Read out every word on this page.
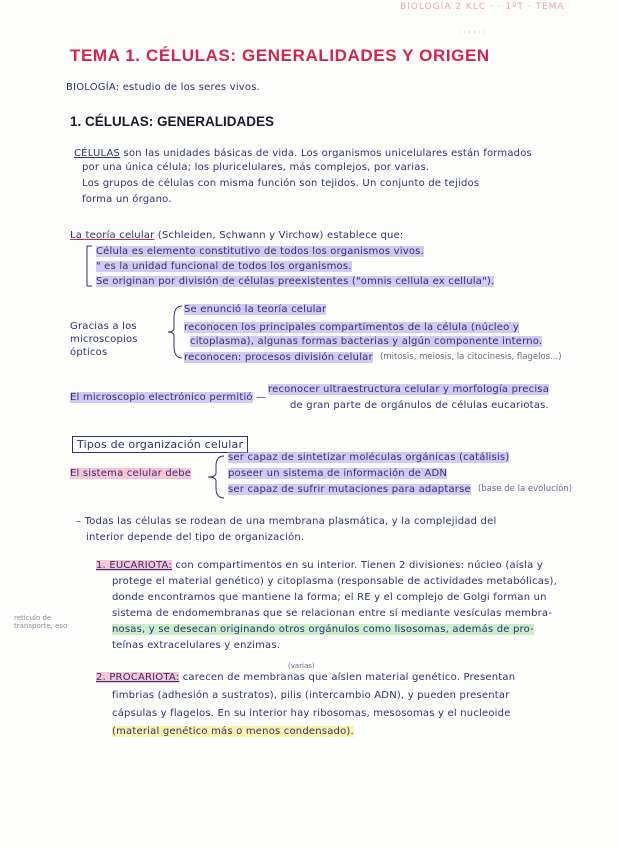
BIOLOGÍA 2 KLC · · 1ºT · TEMA
· · · · · ·
TEMA 1. CÉLULAS: GENERALIDADES Y ORIGEN
BIOLOGÍA: estudio de los seres vivos.
1. CÉLULAS: GENERALIDADES
CÉLULAS son las unidades básicas de vida. Los organismos unicelulares están formados
por una única célula; los pluricelulares, más complejos, por varias.
Los grupos de células con misma función son tejidos. Un conjunto de tejidos
forma un órgano.
La teoría celular (Schleiden, Schwann y Virchow) establece que:
Célula es elemento constitutivo de todos los organismos vivos.
" es la unidad funcional de todos los organismos.
Se originan por división de células preexistentes ("omnis cellula ex cellula").
Gracias a los microscopios ópticos
Se enunció la teoría celular
reconocen los principales compartimentos de la célula (núcleo y
citoplasma), algunas formas bacterias y algún componente interno.
reconocen: procesos división celular (mitosis, meiosis, la citocinesis, flagelos...)
El microscopio electrónico permitió —
reconocer ultraestructura celular y morfología precisa
de gran parte de orgánulos de células eucariotas.
Tipos de organización celular
El sistema celular debe
ser capaz de sintetizar moléculas orgánicas (catálisis)
poseer un sistema de información de ADN
ser capaz de sufrir mutaciones para adaptarse (base de la evolución)
– Todas las células se rodean de una membrana plasmática, y la complejidad del
interior depende del tipo de organización.
1. EUCARIOTA: con compartimentos en su interior. Tienen 2 divisiones: núcleo (aísla y
protege el material genético) y citoplasma (responsable de actividades metabólicas),
donde encontramos que mantiene la forma; el RE y el complejo de Golgi forman un
sistema de endomembranas que se relacionan entre sí mediante vesículas membra-
nosas, y se desecan originando otros orgánulos como lisosomas, además de pro-
teínas extracelulares y enzimas.
reticulo de transporte, eso
(varias)
2. PROCARIOTA: carecen de membranas que aíslen material genético. Presentan
fimbrias (adhesión a sustratos), pilis (intercambio ADN), y pueden presentar
cápsulas y flagelos. En su interior hay ribosomas, mesosomas y el nucleoide
(material genético más o menos condensado).
